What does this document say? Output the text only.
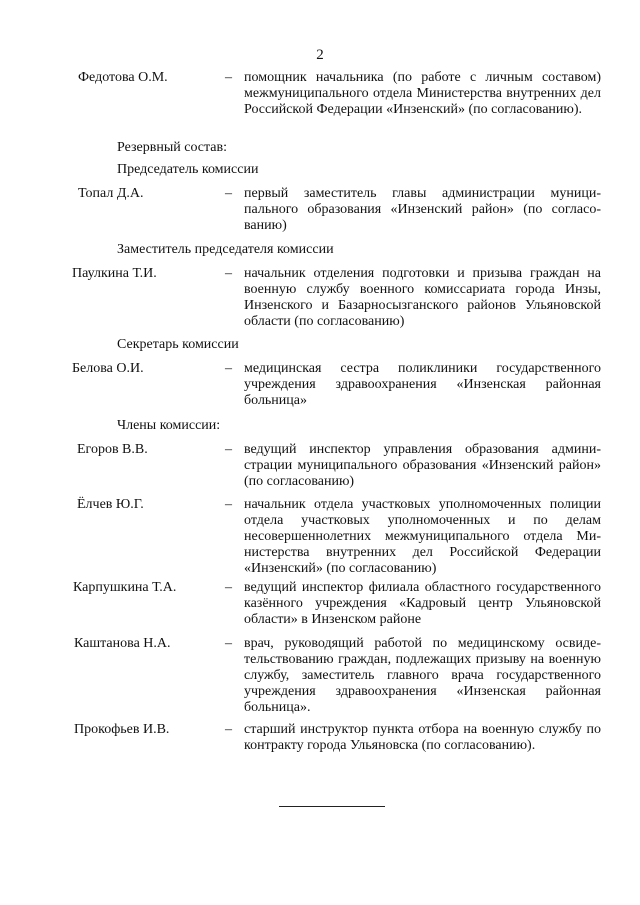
2
Федотова О.М.	– помощник начальника (по работе с личным составом) межмуниципального отдела Министерства внутренних дел Российской Федерации «Инзенский» (по согласованию).
Резервный состав:
Председатель комиссии
Топал Д.А.	– первый заместитель главы администрации муниципального образования «Инзенский район» (по согласованию)
Заместитель председателя комиссии
Паулкина Т.И.	– начальник отделения подготовки и призыва граждан на военную службу военного комиссариата города Инзы, Инзенского и Базарносызганского районов Ульяновской области (по согласованию)
Секретарь комиссии
Белова О.И.	– медицинская сестра поликлиники государственного учреждения здравоохранения «Инзенская районная больница»
Члены комиссии:
Егоров В.В.	– ведущий инспектор управления образования администрации муниципального образования «Инзенский район» (по согласованию)
Ёлчев Ю.Г.	– начальник отдела участковых уполномоченных полиции отдела участковых уполномоченных и по делам несовершеннолетних межмуниципального отдела Министерства внутренних дел Российской Федерации «Инзенский» (по согласованию)
Карпушкина Т.А.	– ведущий инспектор филиала областного государственного казённого учреждения «Кадровый центр Ульяновской области» в Инзенском районе
Каштанова Н.А.	– врач, руководящий работой по медицинскому освидетельствованию граждан, подлежащих призыву на военную службу, заместитель главного врача государственного учреждения здравоохранения «Инзенская районная больница».
Прокофьев И.В.	– старший инструктор пункта отбора на военную службу по контракту города Ульяновска (по согласованию).
